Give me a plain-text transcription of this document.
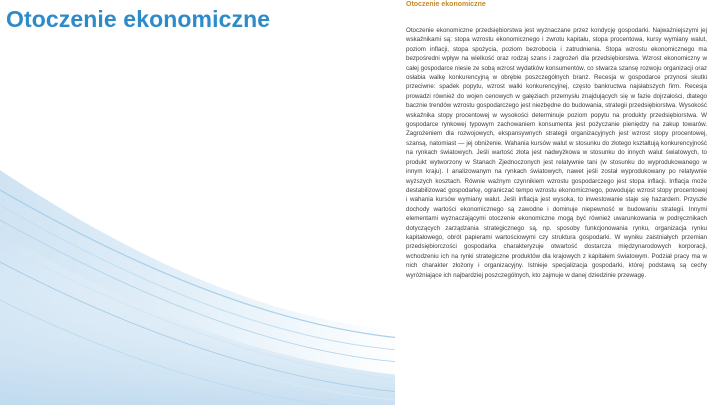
Otoczenie ekonomiczne
Otoczenie ekonomiczne

Otoczenie ekonomiczne przedsiębiorstwa jest wyznaczane przez kondycję gospodarki. Najważniejszymi jej wskaźnikami są: stopa wzrostu ekonomicznego i zwrotu kapitału, stopa procentowa, kursy wymiany walut, poziom inflacji, stopa spożycia, poziom bezrobocia i zatrudnienia. Stopa wzrostu ekonomicznego ma bezpośredni wpływ na wielkość oraz rodzaj szans i zagrożeń dla przedsiębiorstwa. Wzrost ekonomiczny w całej gospodarce niesie ze sobą wzrost wydatków konsumentów, co stwarza szansę rozwoju organizacji oraz osłabia walkę konkurencyjną w obrębie poszczególnych branż. Recesja w gospodarce przynosi skutki przeciwne: spadek popytu, wzrost walki konkurencyjnej, często bankructwa najsłabszych firm. Recesja prowadzi również do wojen cenowych w gałęziach przemysłu znajdujących się w fazie dojrzałości, dlatego bacznie trendów wzrostu gospodarczego jest niezbędne do budowania, strategii przedsiębiorstwa. Wysokość wskaźnika stopy procentowej w wysokości determinuje poziom popytu na produkty przedsiębiorstwa. W gospodarce rynkowej typowym zachowaniem konsumenta jest pożyczanie pieniędzy na zakup towarów. Zagrożeniem dla rozwojowych, ekspansywnych strategii organizacyjnych jest wzrost stopy procentowej, szansą, natomiast — jej obniżenie. Wahania kursów walut w stosunku do złotego kształtują konkurencyjność na rynkach światowych. Jeśli wartość złota jest nadwyżkowa w stosunku do innych walut światowych, to produkt wytworzony w Stanach Zjednoczonych jest relatywnie tani (w stosunku do wyprodukowanego w innym kraju). I analizowanym na rynkach światowych, nawet jeśli został wyprodukowany po relatywnie wyższych kosztach. Równie ważnym czynnikiem wzrostu gospodarczego jest stopa inflacji. Inflacja może destabilizować gospodarkę, ograniczać tempo wzrostu ekonomicznego, powodując wzrost stopy procentowej i wahania kursów wymiany walut. Jeśli inflacja jest wysoka, to inwestowanie staje się hazardem. Przyszłe dochody wartości ekonomicznego są zawodne i dominuje niepewność w budowaniu strategii. Innymi elementami wyznaczającymi otoczenie ekonomiczne mogą być również uwarunkowania w podręcznikach dotyczących zarządzania strategicznego są, np. sposoby funkcjonowania rynku, organizacja rynku kapitałowego, obrót papierami wartościowymi czy struktura gospodarki. W wyniku zaistniałych przemian przedsiębiorczości gospodarka charakteryzuje otwartość dostarcza międzynarodowych korporacji, wchodzeniu ich na rynki strategiczne produktów dla krajowych z kapitałem światowym. Podział pracy ma w nich charakter złożony i organizacyjny. Istnieje specjalizacja gospodarki, której podstawą są cechy wyróżniające ich najbardziej poszczególnych, kto zajmuje w danej dziedzinie przewagę.
